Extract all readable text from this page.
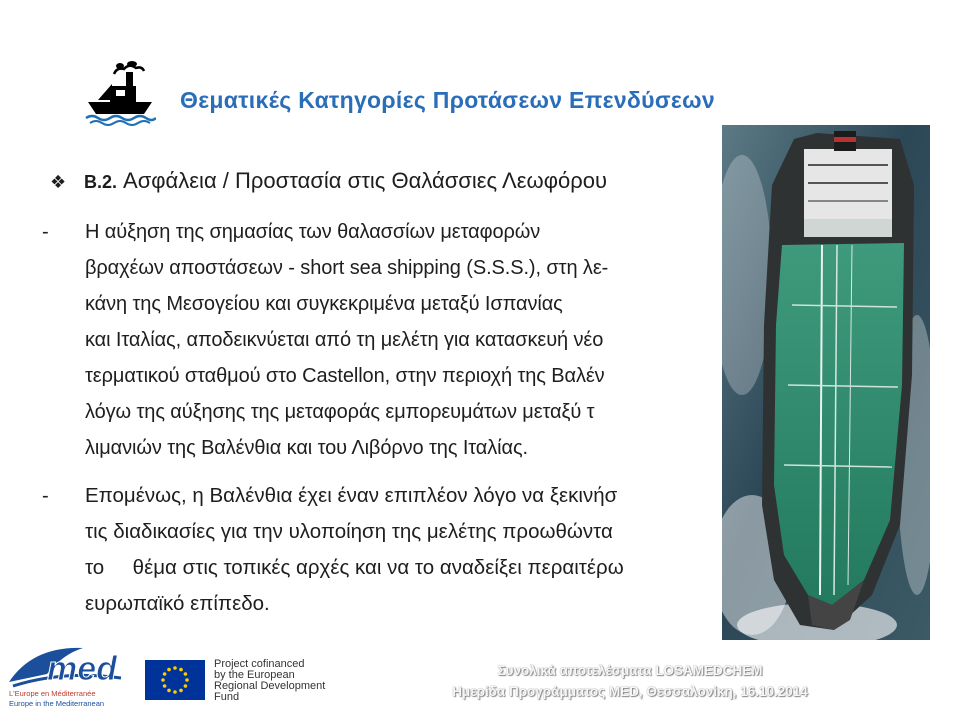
Θεματικές Κατηγορίες Προτάσεων Επενδύσεων
❖ B.2. Ασφάλεια / Προστασία στις Θαλάσσιες Λεωφόρου
- Η αύξηση της σημασίας των θαλασσίων μεταφορών
βραχέων αποστάσεων - short sea shipping (S.S.S.), στη λε-
κάνη της Μεσογείου και συγκεκριμένα μεταξύ Ισπανίας
και Ιταλίας, αποδεικνύεται από τη μελέτη για κατασκευή νέο
τερματικού σταθμού στο Castellon, στην περιοχή της Βαλέν
λόγω της αύξησης της μεταφοράς εμπορευμάτων μεταξύ τ
λιμανιών της Βαλένθια και του Λιβόρνο της Ιταλίας.
- Επομένως, η Βαλένθια έχει έναν επιπλέον λόγο να ξεκινήσ
τις διαδικασίες για την υλοποίηση της μελέτης προωθώντα
το     θέμα στις τοπικές αρχές και να το αναδείξει περαιτέρω
ευρωπαϊκό επίπεδο.
med
L'Europe en Méditerranée
Europe in the Mediterranean
Project cofinanced
by the European
Regional Development
Fund
Συνολικά αποτελέσματα LOSAMEDCHEM
Ημερίδα Προγράμματος MED, Θεσσαλονίκη, 16.10.2014
